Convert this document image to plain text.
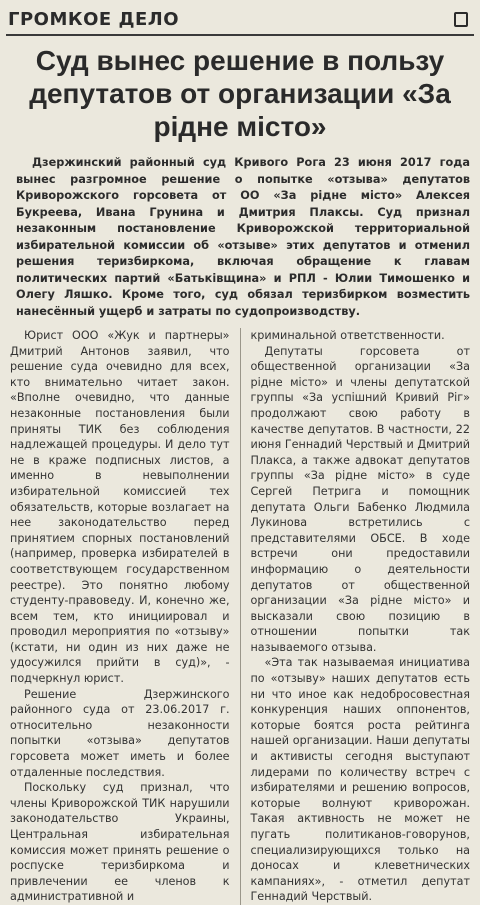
ГРОМКОЕ ДЕЛО
Суд вынес решение в пользу депутатов от организации «За рiдне мiсто»

Дзержинский районный суд Кривого Рога 23 июня 2017 года вынес разгромное решение о попытке «отзыва» депутатов Криворожского горсовета от ОО «За рiдне мiсто» Алексея Букреева, Ивана Грунина и Дмитрия Плаксы. Суд признал незаконным постановление Криворожской территориальной избирательной комиссии об «отзыве» этих депутатов и отменил решения теризбиркома, включая обращение к главам политических партий «Батькiвщина» и РПЛ - Юлии Тимошенко и Олегу Ляшко. Кроме того, суд обязал теризбирком возместить нанесённый ущерб и затраты по судопроизводству.

Юрист ООО «Жук и партнеры» Дмитрий Антонов заявил, что решение суда очевидно для всех, кто внимательно читает закон. «Вполне очевидно, что данные незаконные постановления были приняты ТИК без соблюдения надлежащей процедуры. И дело тут не в краже подписных листов, а именно в невыполнении избирательной комиссией тех обязательств, которые возлагает на нее законодательство перед принятием спорных постановлений (например, проверка избирателей в соответствующем государственном реестре). Это понятно любому студенту-правоведу. И, конечно же, всем тем, кто инициировал и проводил мероприятия по «отзыву» (кстати, ни один из них даже не удосужился прийти в суд)», - подчеркнул юрист.

Решение Дзержинского районного суда от 23.06.2017 г. относительно незаконности попытки «отзыва» депутатов горсовета может иметь и более отдаленные последствия.

Поскольку суд признал, что члены Криворожской ТИК нарушили законодательство Украины, Центральная избирательная комиссия может принять решение о роспуске теризбиркома и привлечении ее членов к административной и

криминальной ответственности.

Депутаты горсовета от общественной организации «За рiдне мiсто» и члены депутатской группы «За успiшний Кривий Рiг» продолжают свою работу в качестве депутатов. В частности, 22 июня Геннадий Черствый и Дмитрий Плакса, а также адвокат депутатов группы «За рiдне мiсто» в суде Сергей Петрига и помощник депутата Ольги Бабенко Людмила Лукинова встретились с представителями ОБСЕ. В ходе встречи они предоставили информацию о деятельности депутатов от общественной организации «За рiдне мiсто» и высказали свою позицию в отношении попытки так называемого отзыва.

«Эта так называемая инициатива по «отзыву» наших депутатов есть ни что иное как недобросовестная конкуренция наших оппонентов, которые боятся роста рейтинга нашей организации. Наши депутаты и активисты сегодня выступают лидерами по количеству встреч с избирателями и решению вопросов, которые волнуют криворожан. Такая активность не может не пугать политиканов-говорунов, специализирующихся только на доносах и клеветнических кампаниях», - отметил депутат Геннадий Черствый.
